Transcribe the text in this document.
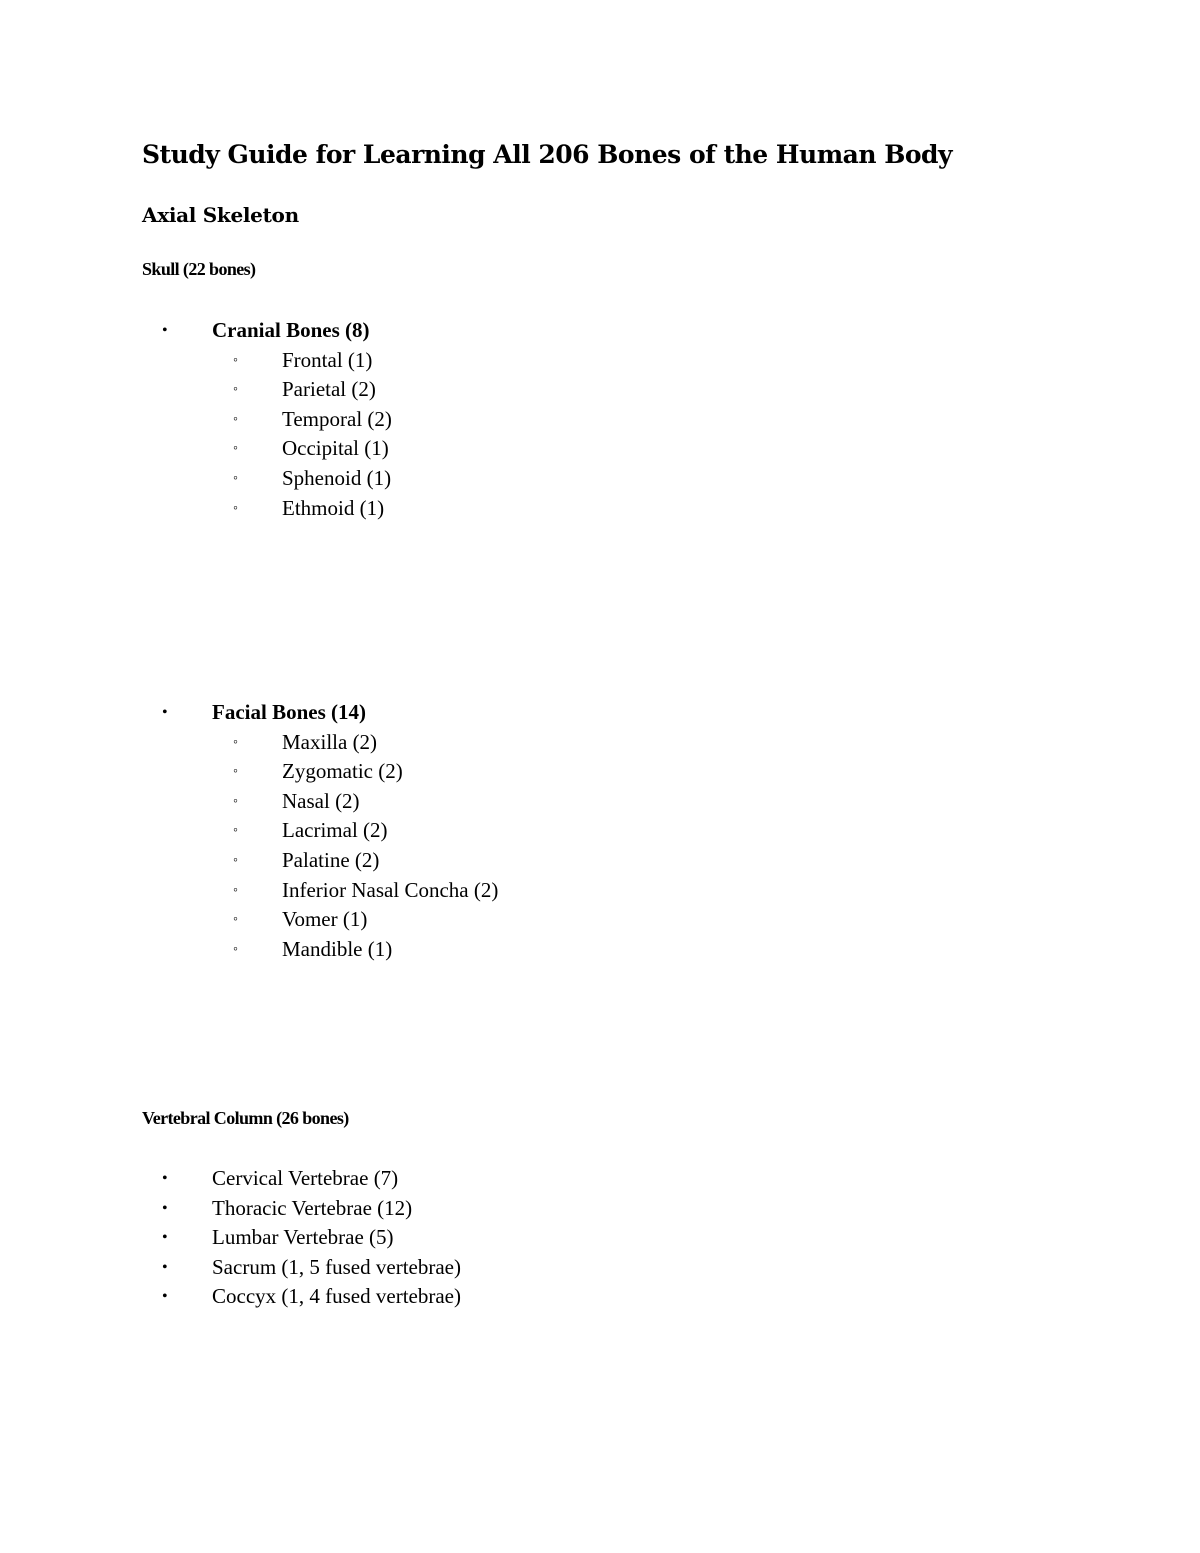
Study Guide for Learning All 206 Bones of the Human Body
Axial Skeleton
Skull (22 bones)
• Cranial Bones (8)
◦ Frontal (1)
◦ Parietal (2)
◦ Temporal (2)
◦ Occipital (1)
◦ Sphenoid (1)
◦ Ethmoid (1)
• Facial Bones (14)
◦ Maxilla (2)
◦ Zygomatic (2)
◦ Nasal (2)
◦ Lacrimal (2)
◦ Palatine (2)
◦ Inferior Nasal Concha (2)
◦ Vomer (1)
◦ Mandible (1)
Vertebral Column (26 bones)
• Cervical Vertebrae (7)
• Thoracic Vertebrae (12)
• Lumbar Vertebrae (5)
• Sacrum (1, 5 fused vertebrae)
• Coccyx (1, 4 fused vertebrae)
